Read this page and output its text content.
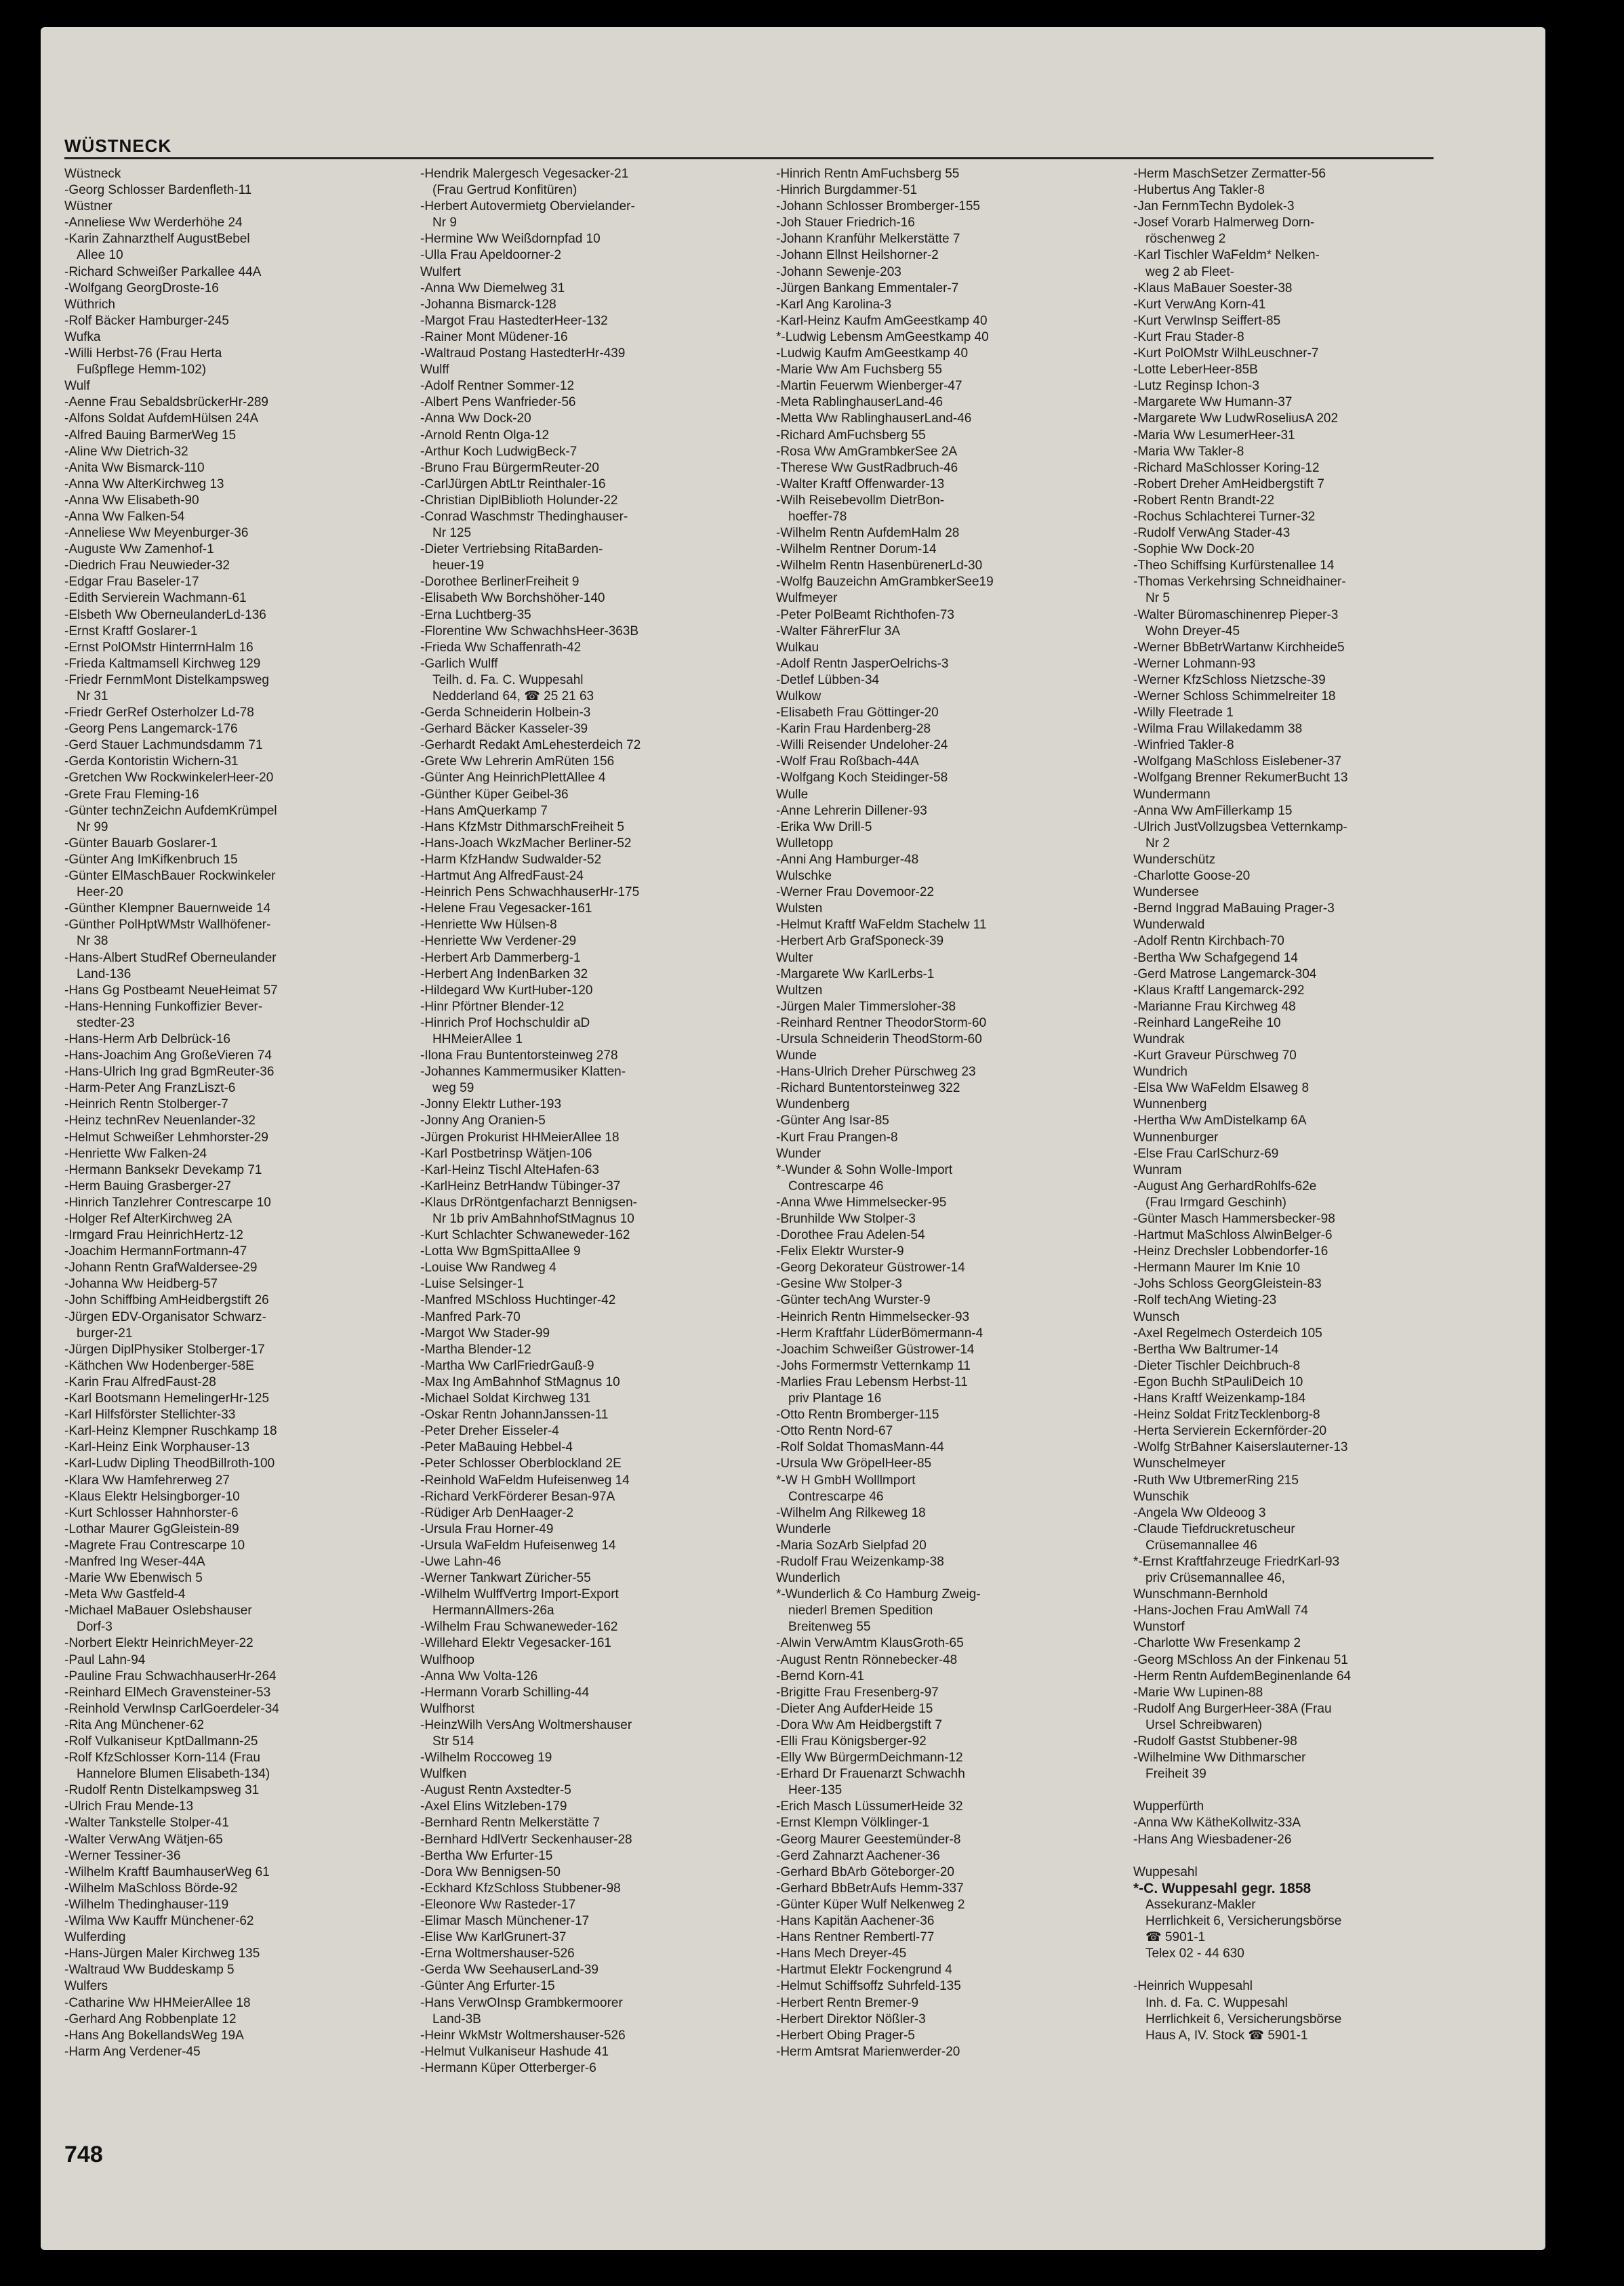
WÜSTNECK
Wüstneck
-Georg Schlosser Bardenfleth-11
Wüstner
-Anneliese Ww Werderhöhe 24
-Karin Zahnarzthelf AugustBebel
Allee 10
-Richard Schweißer Parkallee 44A
-Wolfgang GeorgDroste-16
Wüthrich
-Rolf Bäcker Hamburger-245
Wufka
-Willi Herbst-76 (Frau Herta
Fußpflege Hemm-102)
Wulf
-Aenne Frau SebaldsbrückerHr-289
-Alfons Soldat AufdemHülsen 24A
-Alfred Bauing BarmerWeg 15
-Aline Ww Dietrich-32
-Anita Ww Bismarck-110
-Anna Ww AlterKirchweg 13
-Anna Ww Elisabeth-90
-Anna Ww Falken-54
-Anneliese Ww Meyenburger-36
-Auguste Ww Zamenhof-1
-Diedrich Frau Neuwieder-32
-Edgar Frau Baseler-17
-Edith Servierein Wachmann-61
-Elsbeth Ww OberneulanderLd-136
-Ernst Kraftf Goslarer-1
-Ernst PolOMstr HinterrnHalm 16
-Frieda Kaltmamsell Kirchweg 129
-Friedr FernmMont Distelkampsweg
Nr 31
-Friedr GerRef Osterholzer Ld-78
-Georg Pens Langemarck-176
-Gerd Stauer Lachmundsdamm 71
-Gerda Kontoristin Wichern-31
-Gretchen Ww RockwinkelerHeer-20
-Grete Frau Fleming-16
-Günter technZeichn AufdemKrümpel
Nr 99
-Günter Bauarb Goslarer-1
-Günter Ang ImKifkenbruch 15
-Günter ElMaschBauer Rockwinkeler
Heer-20
-Günther Klempner Bauernweide 14
-Günther PolHptWMstr Wallhöfener-
Nr 38
-Hans-Albert StudRef Oberneulander
Land-136
-Hans Gg Postbeamt NeueHeimat 57
-Hans-Henning Funkoffizier Bever-
stedter-23
-Hans-Herm Arb Delbrück-16
-Hans-Joachim Ang GroßeVieren 74
-Hans-Ulrich Ing grad BgmReuter-36
-Harm-Peter Ang FranzLiszt-6
-Heinrich Rentn Stolberger-7
-Heinz technRev Neuenlander-32
-Helmut Schweißer Lehmhorster-29
-Henriette Ww Falken-24
-Hermann Banksekr Devekamp 71
-Herm Bauing Grasberger-27
-Hinrich Tanzlehrer Contrescarpe 10
-Holger Ref AlterKirchweg 2A
-Irmgard Frau HeinrichHertz-12
-Joachim HermannFortmann-47
-Johann Rentn GrafWaldersee-29
-Johanna Ww Heidberg-57
-John Schiffbing AmHeidbergstift 26
-Jürgen EDV-Organisator Schwarz-
burger-21
-Jürgen DiplPhysiker Stolberger-17
-Käthchen Ww Hodenberger-58E
-Karin Frau AlfredFaust-28
-Karl Bootsmann HemelingerHr-125
-Karl Hilfsförster Stellichter-33
-Karl-Heinz Klempner Ruschkamp 18
-Karl-Heinz Eink Worphauser-13
-Karl-Ludw Dipling TheodBillroth-100
-Klara Ww Hamfehrerweg 27
-Klaus Elektr Helsingborger-10
-Kurt Schlosser Hahnhorster-6
-Lothar Maurer GgGleistein-89
-Magrete Frau Contrescarpe 10
-Manfred Ing Weser-44A
-Marie Ww Ebenwisch 5
-Meta Ww Gastfeld-4
-Michael MaBauer Oslebshauser
Dorf-3
-Norbert Elektr HeinrichMeyer-22
-Paul Lahn-94
-Pauline Frau SchwachhauserHr-264
-Reinhard ElMech Gravensteiner-53
-Reinhold VerwInsp CarlGoerdeler-34
-Rita Ang Münchener-62
-Rolf Vulkaniseur KptDallmann-25
-Rolf KfzSchlosser Korn-114 (Frau
Hannelore Blumen Elisabeth-134)
-Rudolf Rentn Distelkampsweg 31
-Ulrich Frau Mende-13
-Walter Tankstelle Stolper-41
-Walter VerwAng Wätjen-65
-Werner Tessiner-36
-Wilhelm Kraftf BaumhauserWeg 61
-Wilhelm MaSchloss Börde-92
-Wilhelm Thedinghauser-119
-Wilma Ww Kauffr Münchener-62
Wulferding
-Hans-Jürgen Maler Kirchweg 135
-Waltraud Ww Buddeskamp 5
Wulfers
-Catharine Ww HHMeierAllee 18
-Gerhard Ang Robbenplate 12
-Hans Ang BokellandsWeg 19A
-Harm Ang Verdener-45
-Hendrik Malergesch Vegesacker-21
(Frau Gertrud Konfitüren)
-Herbert Autovermietg Obervielander-
Nr 9
-Hermine Ww Weißdornpfad 10
-Ulla Frau Apeldoorner-2
Wulfert
-Anna Ww Diemelweg 31
-Johanna Bismarck-128
-Margot Frau HastedterHeer-132
-Rainer Mont Müdener-16
-Waltraud Postang HastedterHr-439
Wulff
-Adolf Rentner Sommer-12
-Albert Pens Wanfrieder-56
-Anna Ww Dock-20
-Arnold Rentn Olga-12
-Arthur Koch LudwigBeck-7
-Bruno Frau BürgermReuter-20
-CarlJürgen AbtLtr Reinthaler-16
-Christian DiplBiblioth Holunder-22
-Conrad Waschmstr Thedinghauser-
Nr 125
-Dieter Vertriebsing RitaBarden-
heuer-19
-Dorothee BerlinerFreiheit 9
-Elisabeth Ww Borchshöher-140
-Erna Luchtberg-35
-Florentine Ww SchwachhsHeer-363B
-Frieda Ww Schaffenrath-42
-Garlich Wulff
Teilh. d. Fa. C. Wuppesahl
Nedderland 64, ☎ 25 21 63
-Gerda Schneiderin Holbein-3
-Gerhard Bäcker Kasseler-39
-Gerhardt Redakt AmLehesterdeich 72
-Grete Ww Lehrerin AmRüten 156
-Günter Ang HeinrichPlettAllee 4
-Günther Küper Geibel-36
-Hans AmQuerkamp 7
-Hans KfzMstr DithmarschFreiheit 5
-Hans-Joach WkzMacher Berliner-52
-Harm KfzHandw Sudwalder-52
-Hartmut Ang AlfredFaust-24
-Heinrich Pens SchwachhauserHr-175
-Helene Frau Vegesacker-161
-Henriette Ww Hülsen-8
-Henriette Ww Verdener-29
-Herbert Arb Dammerberg-1
-Herbert Ang IndenBarken 32
-Hildegard Ww KurtHuber-120
-Hinr Pförtner Blender-12
-Hinrich Prof Hochschuldir aD
HHMeierAllee 1
-Ilona Frau Buntentorsteinweg 278
-Johannes Kammermusiker Klatten-
weg 59
-Jonny Elektr Luther-193
-Jonny Ang Oranien-5
-Jürgen Prokurist HHMeierAllee 18
-Karl Postbetrinsp Wätjen-106
-Karl-Heinz Tischl AlteHafen-63
-KarlHeinz BetrHandw Tübinger-37
-Klaus DrRöntgenfacharzt Bennigsen-
Nr 1b priv AmBahnhofStMagnus 10
-Kurt Schlachter Schwaneweder-162
-Lotta Ww BgmSpittaAllee 9
-Louise Ww Randweg 4
-Luise Selsinger-1
-Manfred MSchloss Huchtinger-42
-Manfred Park-70
-Margot Ww Stader-99
-Martha Blender-12
-Martha Ww CarlFriedrGauß-9
-Max Ing AmBahnhof StMagnus 10
-Michael Soldat Kirchweg 131
-Oskar Rentn JohannJanssen-11
-Peter Dreher Eisseler-4
-Peter MaBauing Hebbel-4
-Peter Schlosser Oberblockland 2E
-Reinhold WaFeldm Hufeisenweg 14
-Richard VerkFörderer Besan-97A
-Rüdiger Arb DenHaager-2
-Ursula Frau Horner-49
-Ursula WaFeldm Hufeisenweg 14
-Uwe Lahn-46
-Werner Tankwart Züricher-55
-Wilhelm WulffVertrg Import-Export
HermannAllmers-26a
-Wilhelm Frau Schwaneweder-162
-Willehard Elektr Vegesacker-161
Wulfhoop
-Anna Ww Volta-126
-Hermann Vorarb Schilling-44
Wulfhorst
-HeinzWilh VersAng Woltmershauser
Str 514
-Wilhelm Roccoweg 19
Wulfken
-August Rentn Axstedter-5
-Axel Elins Witzleben-179
-Bernhard Rentn Melkerstätte 7
-Bernhard HdlVertr Seckenhauser-28
-Bertha Ww Erfurter-15
-Dora Ww Bennigsen-50
-Eckhard KfzSchloss Stubbener-98
-Eleonore Ww Rasteder-17
-Elimar Masch Münchener-17
-Elise Ww KarlGrunert-37
-Erna Woltmershauser-526
-Gerda Ww SeehauserLand-39
-Günter Ang Erfurter-15
-Hans VerwOInsp Grambkermoorer
Land-3B
-Heinr WkMstr Woltmershauser-526
-Helmut Vulkaniseur Hashude 41
-Hermann Küper Otterberger-6
-Hinrich Rentn AmFuchsberg 55
-Hinrich Burgdammer-51
-Johann Schlosser Bromberger-155
-Joh Stauer Friedrich-16
-Johann Kranführ Melkerstätte 7
-Johann Ellnst Heilshorner-2
-Johann Sewenje-203
-Jürgen Bankang Emmentaler-7
-Karl Ang Karolina-3
-Karl-Heinz Kaufm AmGeestkamp 40
*-Ludwig Lebensm AmGeestkamp 40
-Ludwig Kaufm AmGeestkamp 40
-Marie Ww Am Fuchsberg 55
-Martin Feuerwm Wienberger-47
-Meta RablinghauserLand-46
-Metta Ww RablinghauserLand-46
-Richard AmFuchsberg 55
-Rosa Ww AmGrambkerSee 2A
-Therese Ww GustRadbruch-46
-Walter Kraftf Offenwarder-13
-Wilh Reisebevollm DietrBon-
hoeffer-78
-Wilhelm Rentn AufdemHalm 28
-Wilhelm Rentner Dorum-14
-Wilhelm Rentn HasenbürenerLd-30
-Wolfg Bauzeichn AmGrambkerSee19
Wulfmeyer
-Peter PolBeamt Richthofen-73
-Walter FährerFlur 3A
Wulkau
-Adolf Rentn JasperOelrichs-3
-Detlef Lübben-34
Wulkow
-Elisabeth Frau Göttinger-20
-Karin Frau Hardenberg-28
-Willi Reisender Undeloher-24
-Wolf Frau Roßbach-44A
-Wolfgang Koch Steidinger-58
Wulle
-Anne Lehrerin Dillener-93
-Erika Ww Drill-5
Wulletopp
-Anni Ang Hamburger-48
Wulschke
-Werner Frau Dovemoor-22
Wulsten
-Helmut Kraftf WaFeldm Stachelw 11
-Herbert Arb GrafSponeck-39
Wulter
-Margarete Ww KarlLerbs-1
Wultzen
-Jürgen Maler Timmersloher-38
-Reinhard Rentner TheodorStorm-60
-Ursula Schneiderin TheodStorm-60
Wunde
-Hans-Ulrich Dreher Pürschweg 23
-Richard Buntentorsteinweg 322
Wundenberg
-Günter Ang Isar-85
-Kurt Frau Prangen-8
Wunder
*-Wunder & Sohn Wolle-Import
Contrescarpe 46
-Anna Wwe Himmelsecker-95
-Brunhilde Ww Stolper-3
-Dorothee Frau Adelen-54
-Felix Elektr Wurster-9
-Georg Dekorateur Güstrower-14
-Gesine Ww Stolper-3
-Günter techAng Wurster-9
-Heinrich Rentn Himmelsecker-93
-Herm Kraftfahr LüderBömermann-4
-Joachim Schweißer Güstrower-14
-Johs Formermstr Vetternkamp 11
-Marlies Frau Lebensm Herbst-11
priv Plantage 16
-Otto Rentn Bromberger-115
-Otto Rentn Nord-67
-Rolf Soldat ThomasMann-44
-Ursula Ww GröpelHeer-85
*-W H GmbH Wolllmport
Contrescarpe 46
-Wilhelm Ang Rilkeweg 18
Wunderle
-Maria SozArb Sielpfad 20
-Rudolf Frau Weizenkamp-38
Wunderlich
*-Wunderlich & Co Hamburg Zweig-
niederl Bremen Spedition
Breitenweg 55
-Alwin VerwAmtm KlausGroth-65
-August Rentn Rönnebecker-48
-Bernd Korn-41
-Brigitte Frau Fresenberg-97
-Dieter Ang AufderHeide 15
-Dora Ww Am Heidbergstift 7
-Elli Frau Königsberger-92
-Elly Ww BürgermDeichmann-12
-Erhard Dr Frauenarzt Schwachh
Heer-135
-Erich Masch LüssumerHeide 32
-Ernst Klempn Völklinger-1
-Georg Maurer Geestemünder-8
-Gerd Zahnarzt Aachener-36
-Gerhard BbArb Göteborger-20
-Gerhard BbBetrAufs Hemm-337
-Günter Küper Wulf Nelkenweg 2
-Hans Kapitän Aachener-36
-Hans Rentner Rembertl-77
-Hans Mech Dreyer-45
-Hartmut Elektr Fockengrund 4
-Helmut Schiffsoffz Suhrfeld-135
-Herbert Rentn Bremer-9
-Herbert Direktor Nößler-3
-Herbert Obing Prager-5
-Herm Amtsrat Marienwerder-20
-Herm MaschSetzer Zermatter-56
-Hubertus Ang Takler-8
-Jan FernmTechn Bydolek-3
-Josef Vorarb Halmerweg Dorn-
röschenweg 2
-Karl Tischler WaFeldm* Nelken-
weg 2 ab Fleet-
-Klaus MaBauer Soester-38
-Kurt VerwAng Korn-41
-Kurt VerwInsp Seiffert-85
-Kurt Frau Stader-8
-Kurt PolOMstr WilhLeuschner-7
-Lotte LeberHeer-85B
-Lutz Reginsp Ichon-3
-Margarete Ww Humann-37
-Margarete Ww LudwRoseliusA 202
-Maria Ww LesumerHeer-31
-Maria Ww Takler-8
-Richard MaSchlosser Koring-12
-Robert Dreher AmHeidbergstift 7
-Robert Rentn Brandt-22
-Rochus Schlachterei Turner-32
-Rudolf VerwAng Stader-43
-Sophie Ww Dock-20
-Theo Schiffsing Kurfürstenallee 14
-Thomas Verkehrsing Schneidhainer-
Nr 5
-Walter Büromaschinenrep Pieper-3
Wohn Dreyer-45
-Werner BbBetrWartanw Kirchheide5
-Werner Lohmann-93
-Werner KfzSchloss Nietzsche-39
-Werner Schloss Schimmelreiter 18
-Willy Fleetrade 1
-Wilma Frau Willakedamm 38
-Winfried Takler-8
-Wolfgang MaSchloss Eislebener-37
-Wolfgang Brenner RekumerBucht 13
Wundermann
-Anna Ww AmFillerkamp 15
-Ulrich JustVollzugsbea Vetternkamp-
Nr 2
Wunderschütz
-Charlotte Goose-20
Wundersee
-Bernd Inggrad MaBauing Prager-3
Wunderwald
-Adolf Rentn Kirchbach-70
-Bertha Ww Schafgegend 14
-Gerd Matrose Langemarck-304
-Klaus Kraftf Langemarck-292
-Marianne Frau Kirchweg 48
-Reinhard LangeReihe 10
Wundrak
-Kurt Graveur Pürschweg 70
Wundrich
-Elsa Ww WaFeldm Elsaweg 8
Wunnenberg
-Hertha Ww AmDistelkamp 6A
Wunnenburger
-Else Frau CarlSchurz-69
Wunram
-August Ang GerhardRohlfs-62e
(Frau Irmgard Geschinh)
-Günter Masch Hammersbecker-98
-Hartmut MaSchloss AlwinBelger-6
-Heinz Drechsler Lobbendorfer-16
-Hermann Maurer Im Knie 10
-Johs Schloss GeorgGleistein-83
-Rolf techAng Wieting-23
Wunsch
-Axel Regelmech Osterdeich 105
-Bertha Ww Baltrumer-14
-Dieter Tischler Deichbruch-8
-Egon Buchh StPauliDeich 10
-Hans Kraftf Weizenkamp-184
-Heinz Soldat FritzTecklenborg-8
-Herta Servierein Eckernförder-20
-Wolfg StrBahner Kaiserslauterner-13
Wunschelmeyer
-Ruth Ww UtbremerRing 215
Wunschik
-Angela Ww Oldeoog 3
-Claude Tiefdruckretuscheur
Crüsemannallee 46
*-Ernst Kraftfahrzeuge FriedrKarl-93
priv Crüsemannallee 46,
Wunschmann-Bernhold
-Hans-Jochen Frau AmWall 74
Wunstorf
-Charlotte Ww Fresenkamp 2
-Georg MSchloss An der Finkenau 51
-Herm Rentn AufdemBeginenlande 64
-Marie Ww Lupinen-88
-Rudolf Ang BurgerHeer-38A (Frau
Ursel Schreibwaren)
-Rudolf Gastst Stubbener-98
-Wilhelmine Ww Dithmarscher
Freiheit 39

Wupperfürth
-Anna Ww KätheKollwitz-33A
-Hans Ang Wiesbadener-26

Wuppesahl
*-C. Wuppesahl gegr. 1858
Assekuranz-Makler
Herrlichkeit 6, Versicherungsbörse
☎ 5901-1
Telex 02 - 44 630

-Heinrich Wuppesahl
Inh. d. Fa. C. Wuppesahl
Herrlichkeit 6, Versicherungsbörse
Haus A, IV. Stock ☎ 5901-1
748
